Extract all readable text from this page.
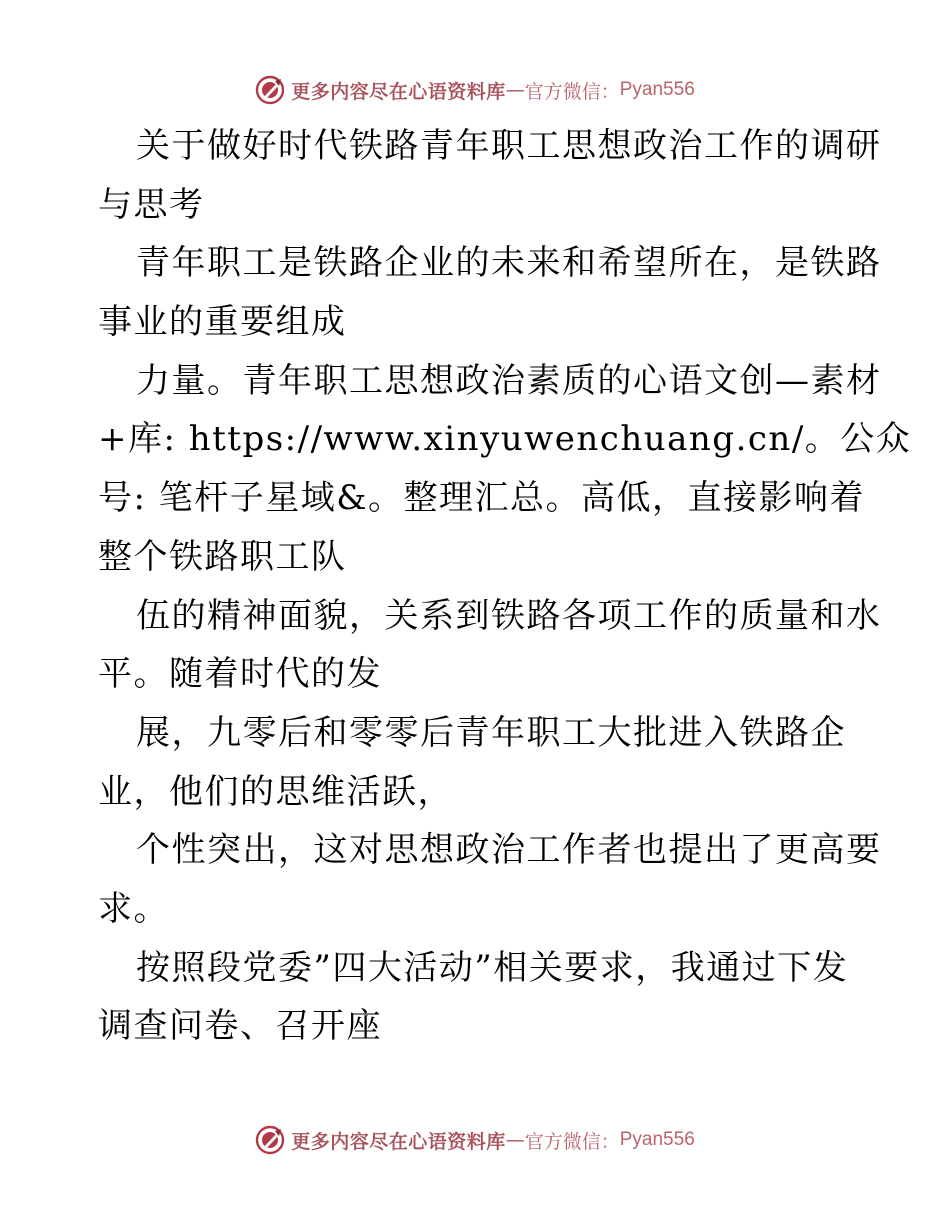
更多内容尽在心语资料库 — 官方微信： Pyan556
关于做好时代铁路青年职工思想政治工作的调研
与思考
青年职工是铁路企业的未来和希望所在，是铁路
事业的重要组成
力量。青年职工思想政治素质的心语文创—素材
+库: https://www.xinyuwenchuang.cn/。公众
号: 笔杆子星域&。整理汇总。高低，直接影响着
整个铁路职工队
伍的精神面貌，关系到铁路各项工作的质量和水
平。随着时代的发
展，九零后和零零后青年职工大批进入铁路企
业，他们的思维活跃，
个性突出，这对思想政治工作者也提出了更高要
求。
按照段党委”四大活动”相关要求，我通过下发
调查问卷、召开座
更多内容尽在心语资料库 — 官方微信： Pyan556
